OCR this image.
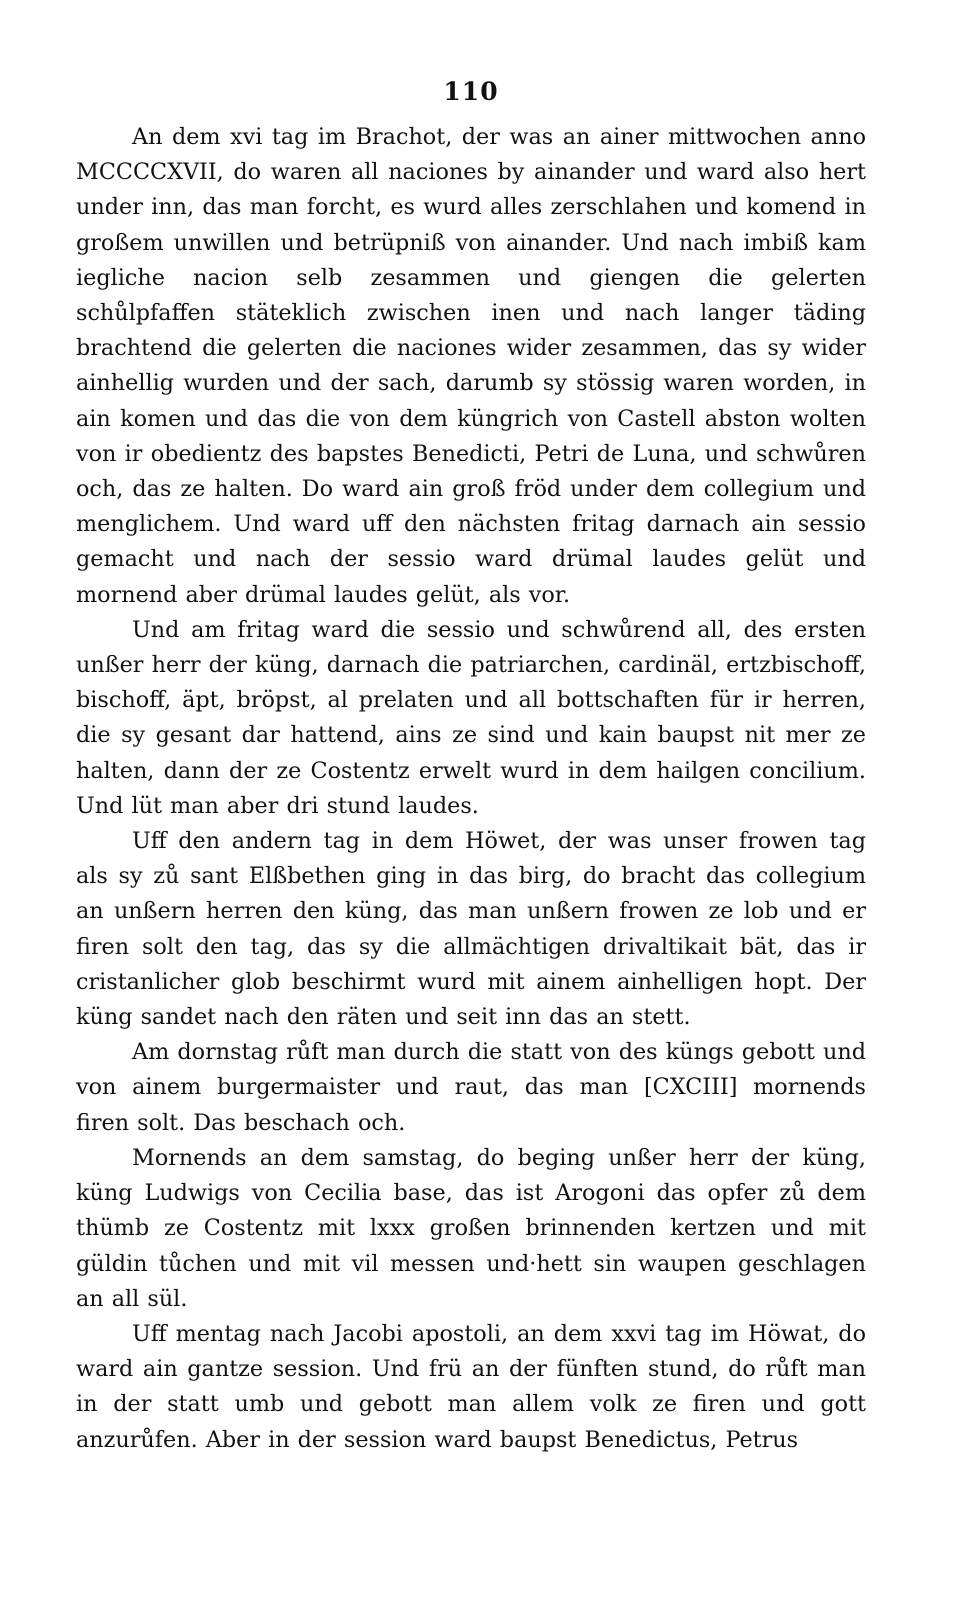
110

An dem xvi tag im Brachot, der was an ainer mittwochen anno MCCCCXVII, do waren all naciones by ainander und ward also hert under inn, das man forcht, es wurd alles zerschlahen und komend in großem unwillen und betrüpniß von ainander. Und nach imbiß kam iegliche nacion selb zesammen und giengen die gelerten schůlpfaffen stäteklich zwischen inen und nach langer täding brachtend die gelerten die naciones wider zesammen, das sy wider ainhellig wurden und der sach, darumb sy stössig waren worden, in ain komen und das die von dem küngrich von Castell abston wolten von ir obedientz des bapstes Benedicti, Petri de Luna, und schwůren och, das ze halten. Do ward ain groß fröd under dem collegium und menglichem. Und ward uff den nächsten fritag darnach ain sessio gemacht und nach der sessio ward drümal laudes gelüt und mornend aber drümal laudes gelüt, als vor.

Und am fritag ward die sessio und schwůrend all, des ersten unßer herr der küng, darnach die patriarchen, cardinäl, ertzbischoff, bischoff, äpt, bröpst, al prelaten und all bottschaften für ir herren, die sy gesant dar hattend, ains ze sind und kain baupst nit mer ze halten, dann der ze Costentz erwelt wurd in dem hailgen concilium. Und lüt man aber dri stund laudes.

Uff den andern tag in dem Höwet, der was unser frowen tag als sy zů sant Elßbethen ging in das birg, do bracht das collegium an unßern herren den küng, das man unßern frowen ze lob und er firen solt den tag, das sy die allmächtigen drivaltikait bät, das ir cristanlicher glob beschirmt wurd mit ainem ainhelligen hopt. Der küng sandet nach den räten und seit inn das an stett.

Am dornstag růft man durch die statt von des küngs gebott und von ainem burgermaister und raut, das man [CXCIII] mornends firen solt. Das beschach och.

Mornends an dem samstag, do beging unßer herr der küng, küng Ludwigs von Cecilia base, das ist Arogoni das opfer zů dem thümb ze Costentz mit lxxx großen brinnenden kertzen und mit güldin tůchen und mit vil messen und·hett sin waupen geschlagen an all sül.

Uff mentag nach Jacobi apostoli, an dem xxvi tag im Höwat, do ward ain gantze session. Und frü an der fünften stund, do růft man in der statt umb und gebott man allem volk ze firen und gott anzurůfen. Aber in der session ward baupst Benedictus, Petrus
